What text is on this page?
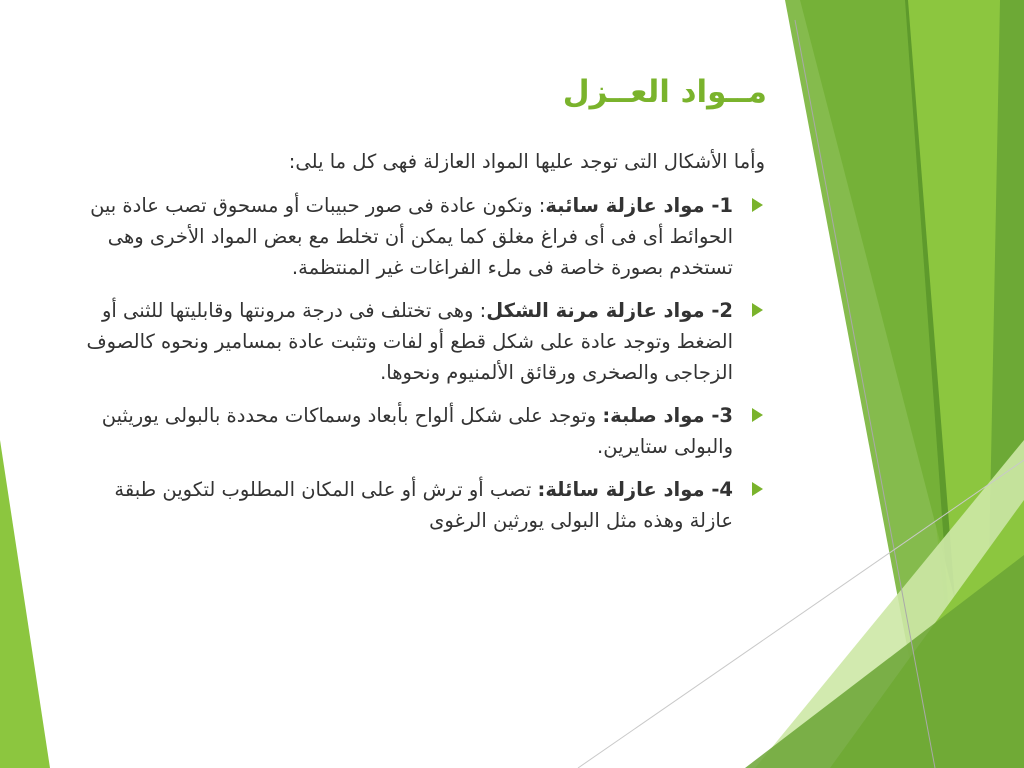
مــواد العــزل

وأما الأشكال التى توجد عليها المواد العازلة فهى كل ما يلى:

1- مواد عازلة سائبة: وتكون عادة فى صور حبيبات أو مسحوق تصب عادة بين الحوائط أى فى أى فراغ مغلق كما يمكن أن تخلط مع بعض المواد الأخرى وهى تستخدم بصورة خاصة فى ملء الفراغات غير المنتظمة.

2- مواد عازلة مرنة الشكل: وهى تختلف فى درجة مرونتها وقابليتها للثنى أو الضغط وتوجد عادة على شكل قطع أو لفات وتثبت عادة بمسامير ونحوه كالصوف الزجاجى والصخرى ورقائق الألمنيوم ونحوها.

3- مواد صلبة: وتوجد على شكل ألواح بأبعاد وسماكات محددة بالبولى يوريثين والبولى ستايرين.

4- مواد عازلة سائلة: تصب أو ترش أو على المكان المطلوب لتكوين طبقة عازلة وهذه مثل البولى يورثين الرغوى
